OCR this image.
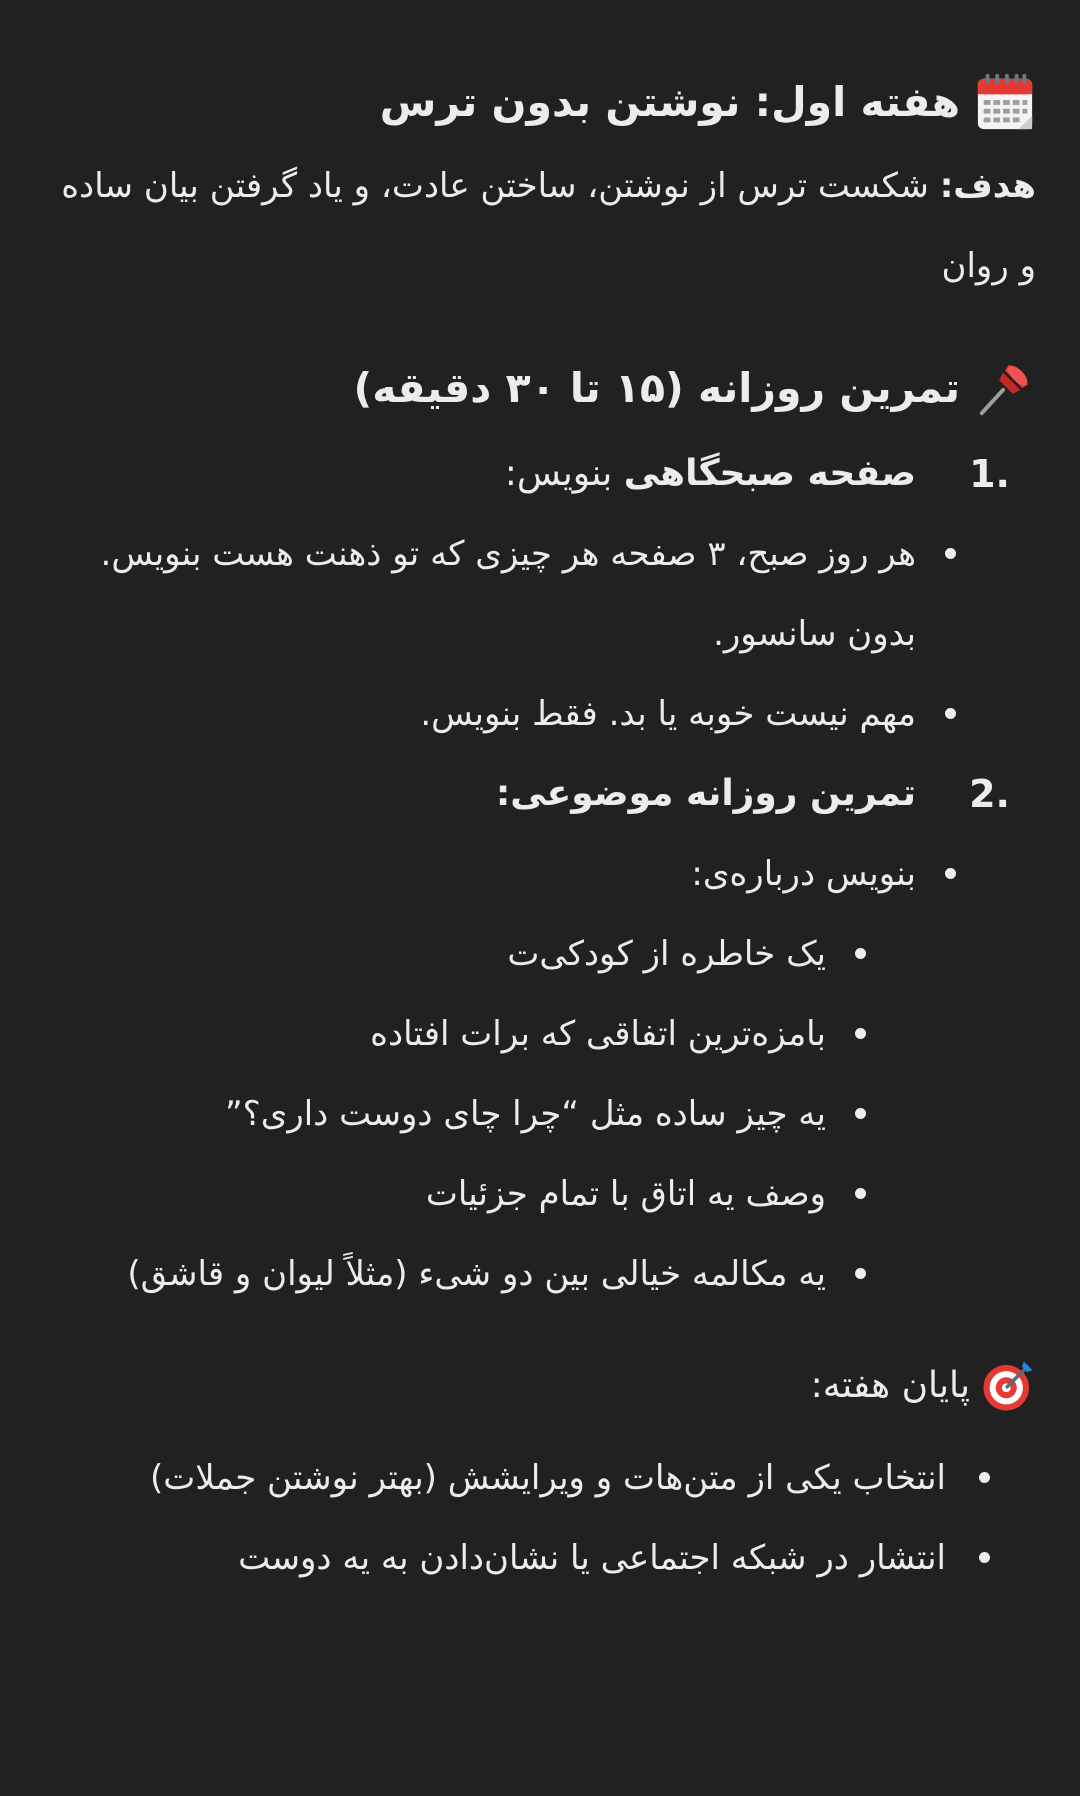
هفته اول: نوشتن بدون ترس

هدف: شکست ترس از نوشتن، ساختن عادت، و یاد گرفتن بیان ساده و روان

تمرین روزانه (۱۵ تا ۳۰ دقیقه)
1.
صفحه صبحگاهی بنویس:
هر روز صبح، ۳ صفحه هر چیزی که تو ذهنت هست بنویس. بدون سانسور.
مهم نیست خوبه یا بد. فقط بنویس.
2.
تمرین روزانه موضوعی:
بنویس درباره‌ی:
یک خاطره از کودکی‌ت
بامزه‌ترین اتفاقی که برات افتاده
یه چیز ساده مثل “چرا چای دوست داری؟”
وصف یه اتاق با تمام جزئیات
یه مکالمه خیالی بین دو شیء (مثلاً لیوان و قاشق)

پایان هفته:

انتخاب یکی از متن‌هات و ویرایشش (بهتر نوشتن جملات)
انتشار در شبکه اجتماعی یا نشان‌دادن به یه دوست
